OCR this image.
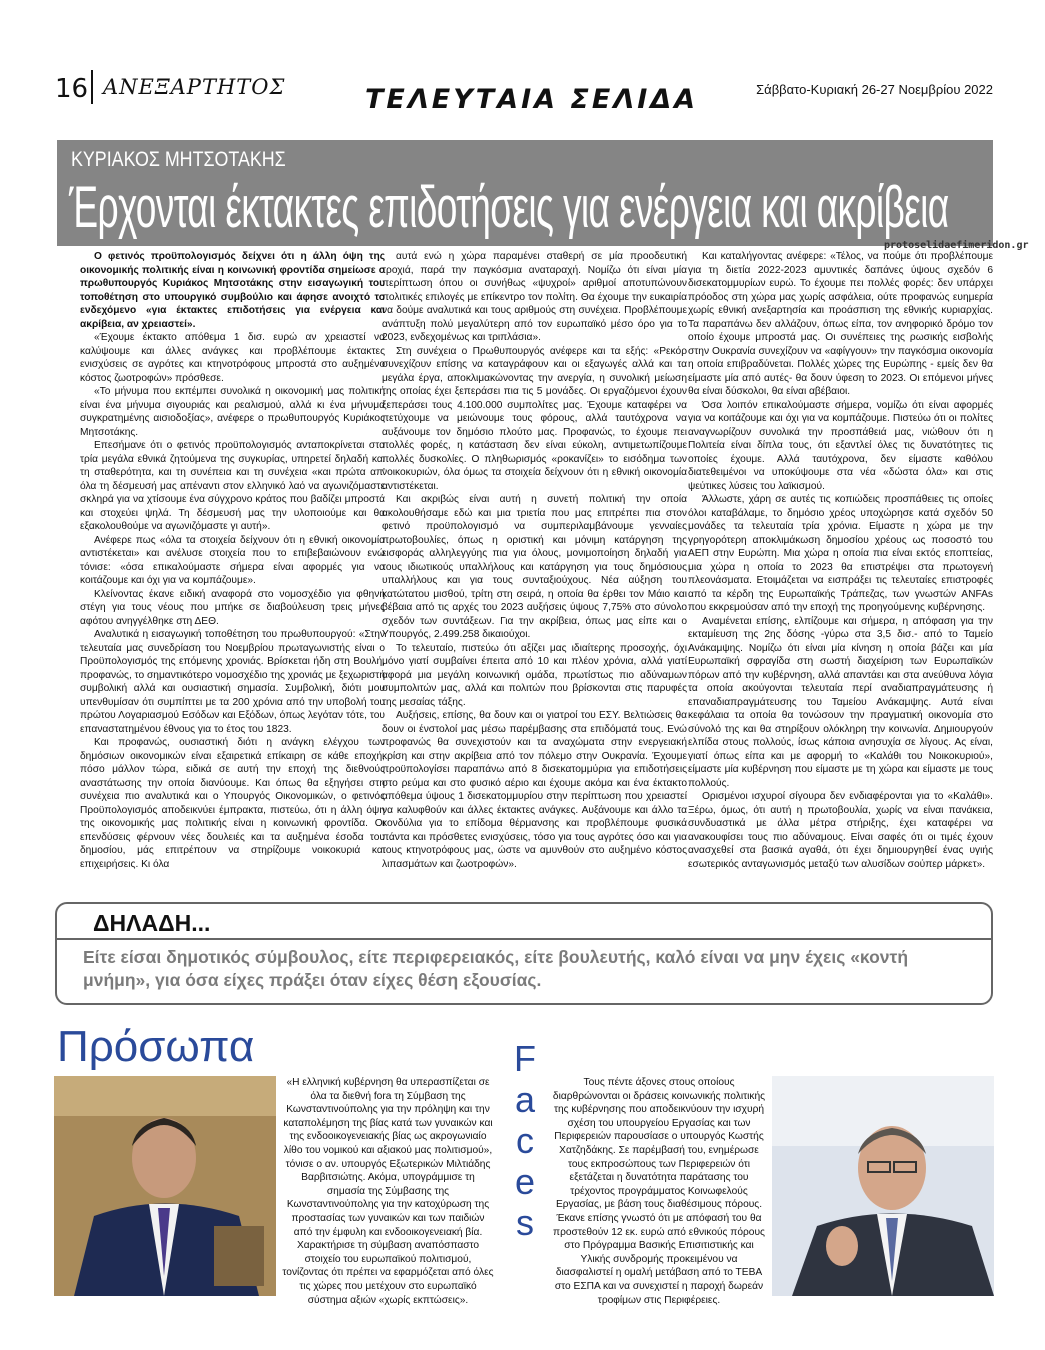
16 ΑΝΕΞΑΡΤΗΤΟΣ	ΤΕΛΕΥΤΑΙΑ ΣΕΛΙΔΑ	Σάββατο-Κυριακή 26-27 Νοεμβρίου 2022
ΚΥΡΙΑΚΟΣ ΜΗΤΣΟΤΑΚΗΣ
Έρχονται έκτακτες επιδοτήσεις για ενέργεια και ακρίβεια
protoselidaefimeridon.gr

Ο φετινός προϋπολογισμός δείχνει ότι η άλλη όψη της οικονομικής πολιτικής είναι η κοινωνική φροντίδα σημείωσε ο πρωθυπουργός Κυριάκος Μητσοτάκης στην εισαγωγική του τοποθέτηση στο υπουργικό συμβούλιο και άφησε ανοιχτό το ενδεχόμενο «για έκτακτες επιδοτήσεις για ενέργεια και ακρίβεια, αν χρειαστεί».

«Έχουμε έκτακτο απόθεμα 1 δισ. ευρώ αν χρειαστεί να καλύψουμε και άλλες ανάγκες και προβλέπουμε έκτακτες ενισχύσεις σε αγρότες και κτηνοτρόφους μπροστά στο αυξημένο κόστος ζωοτροφών» πρόσθεσε.

«Το μήνυμα που εκπέμπει συνολικά η οικονομική μας πολιτική είναι ένα μήνυμα σιγουριάς και ρεαλισμού, αλλά κι ένα μήνυμα συγκρατημένης αισιοδοξίας», ανέφερε ο πρωθυπουργός Κυριάκος Μητσοτάκης.

Επεσήμανε ότι ο φετινός προϋπολογισμός ανταποκρίνεται στα τρία μεγάλα εθνικά ζητούμενα της συγκυρίας, υπηρετεί δηλαδή και τη σταθερότητα, και τη συνέπεια και τη συνέχεια «και πρώτα απ' όλα τη δέσμευσή μας απέναντι στον ελληνικό λαό να αγωνιζόμαστε σκληρά για να χτίσουμε ένα σύγχρονο κράτος που βαδίζει μπροστά και στοχεύει ψηλά. Τη δέσμευσή μας την υλοποιούμε και θα εξακολουθούμε να αγωνιζόμαστε γι αυτή».

Ανέφερε πως «όλα τα στοιχεία δείχνουν ότι η εθνική οικονομία αντιστέκεται» και ανέλυσε στοιχεία που το επιβεβαιώνουν ενώ τόνισε: «όσα επικαλούμαστε σήμερα είναι αφορμές για να κοιτάζουμε και όχι για να κομπάζουμε».

Κλείνοντας έκανε ειδική αναφορά στο νομοσχέδιο για φθηνή στέγη για τους νέους που μπήκε σε διαβούλευση τρεις μήνες αφότου ανηγγέλθηκε στη ΔΕΘ.

Αναλυτικά η εισαγωγική τοποθέτηση του πρωθυπουργού: «Στην τελευταία μας συνεδρίαση του Νοεμβρίου πρωταγωνιστής είναι ο Προϋπολογισμός της επόμενης χρονιάς. Βρίσκεται ήδη στη Βουλή, προφανώς, το σημαντικότερο νομοσχέδιο της χρονιάς με ξεχωριστή συμβολική αλλά και ουσιαστική σημασία. Συμβολική, διότι μου υπενθυμίσαν ότι συμπίπτει με τα 200 χρόνια από την υποβολή του πρώτου Λογαριασμού Εσόδων και Εξόδων, όπως λεγόταν τότε, του επαναστατημένου έθνους για το έτος του 1823.

Και προφανώς, ουσιαστική διότι η ανάγκη ελέγχου των δημόσιων οικονομικών είναι εξαιρετικά επίκαιρη σε κάθε εποχή, πόσο μάλλον τώρα, ειδικά σε αυτή την εποχή της διεθνούς αναστάτωσης την οποία διανύουμε. Και όπως θα εξηγήσει στη συνέχεια πιο αναλυτικά και ο Υπουργός Οικονομικών, ο φετινός Προϋπολογισμός αποδεικνύει έμπρακτα, πιστεύω, ότι η άλλη όψη της οικονομικής μας πολιτικής είναι η κοινωνική φροντίδα. Οι επενδύσεις φέρνουν νέες δουλειές και τα αυξημένα έσοδα του δημοσίου, μάς επιτρέπουν να στηρίζουμε νοικοκυριά και επιχειρήσεις. Κι όλα

αυτά ενώ η χώρα παραμένει σταθερή σε μία προοδευτική τροχιά, παρά την παγκόσμια αναταραχή. Νομίζω ότι είναι μία περίπτωση όπου οι συνήθως «ψυχροί» αριθμοί αποτυπώνουν πολιτικές επιλογές με επίκεντρο τον πολίτη. Θα έχουμε την ευκαιρία να δούμε αναλυτικά και τους αριθμούς στη συνέχεια. Προβλέπουμε ανάπτυξη πολύ μεγαλύτερη από τον ευρωπαϊκό μέσο όρο για το 2023, ενδεχομένως και τριπλάσια».

Στη συνέχεια ο Πρωθυπουργός ανέφερε και τα εξής: «Ρεκόρ συνεχίζουν επίσης να καταγράφουν και οι εξαγωγές αλλά και τα μεγάλα έργα, αποκλιμακώνοντας την ανεργία, η συνολική μείωση της οποίας έχει ξεπεράσει πια τις 5 μονάδες. Οι εργαζόμενοι έχουν ξεπεράσει τους 4.100.000 συμπολίτες μας. Έχουμε καταφέρει να πετύχουμε να μειώνουμε τους φόρους, αλλά ταυτόχρονα να αυξάνουμε τον δημόσιο πλούτο μας. Προφανώς, το έχουμε πει πολλές φορές, η κατάσταση δεν είναι εύκολη, αντιμετωπίζουμε πολλές δυσκολίες. Ο πληθωρισμός «ροκανίζει» το εισόδημα των νοικοκυριών, όλα όμως τα στοιχεία δείχνουν ότι η εθνική οικονομία αντιστέκεται.

Και ακριβώς είναι αυτή η συνετή πολιτική την οποία ακολουθήσαμε εδώ και μια τριετία που μας επιτρέπει πια στον φετινό προϋπολογισμό να συμπεριλαμβάνουμε γενναίες πρωτοβουλίες, όπως η οριστική και μόνιμη κατάργηση της εισφοράς αλληλεγγύης πια για όλους, μονιμοποίηση δηλαδή για τους ιδιωτικούς υπαλλήλους και κατάργηση για τους δημόσιους υπαλλήλους και για τους συνταξιούχους. Νέα αύξηση του κατώτατου μισθού, τρίτη στη σειρά, η οποία θα έρθει τον Μάιο και βέβαια από τις αρχές του 2023 αυξήσεις ύψους 7,75% στο σύνολο σχεδόν των συντάξεων. Για την ακρίβεια, όπως μας είπε και ο Υπουργός, 2.499.258 δικαιούχοι.

Το τελευταίο, πιστεύω ότι αξίζει μας ιδιαίτερης προσοχής, όχι μόνο γιατί συμβαίνει έπειτα από 10 και πλέον χρόνια, αλλά γιατί αφορά μια μεγάλη κοινωνική ομάδα, πρωτίστως πιο αδύναμων συμπολιτών μας, αλλά και πολιτών που βρίσκονται στις παρυφές της μεσαίας τάξης.

Αυξήσεις, επίσης, θα δουν και οι γιατροί του ΕΣΥ. Βελτιώσεις θα δουν οι ένστολοί μας μέσω παρέμβασης στα επιδόματά τους. Ενώ προφανώς θα συνεχιστούν και τα αναχώματα στην ενεργειακή κρίση και στην ακρίβεια από τον πόλεμο στην Ουκρανία. Έχουμε προϋπολογίσει παραπάνω από 8 δισεκατομμύρια για επιδοτήσεις στο ρεύμα και στο φυσικό αέριο και έχουμε ακόμα και ένα έκτακτο απόθεμα ύψους 1 δισεκατομμυρίου στην περίπτωση που χρειαστεί να καλυφθούν και άλλες έκτακτες ανάγκες. Αυξάνουμε και άλλο τα κονδύλια για το επίδομα θέρμανσης και προβλέπουμε φυσικά πάντα και πρόσθετες ενισχύσεις, τόσο για τους αγρότες όσο και για τους κτηνοτρόφους μας, ώστε να αμυνθούν στο αυξημένο κόστος λιπασμάτων και ζωοτροφών».

Και καταλήγοντας ανέφερε: «Τέλος, να πούμε ότι προβλέπουμε για τη διετία 2022-2023 αμυντικές δαπάνες ύψους σχεδόν 6 δισεκατομμυρίων ευρώ. Το έχουμε πει πολλές φορές: δεν υπάρχει πρόοδος στη χώρα μας χωρίς ασφάλεια, ούτε προφανώς ευημερία χωρίς εθνική ανεξαρτησία και προάσπιση της εθνικής κυριαρχίας. Τα παραπάνω δεν αλλάζουν, όπως είπα, τον ανηφορικό δρόμο τον οποίο έχουμε μπροστά μας. Οι συνέπειες της ρωσικής εισβολής στην Ουκρανία συνεχίζουν να «αφίγγουν» την παγκόσμια οικονομία η οποία επιβραδύνεται. Πολλές χώρες της Ευρώπης - εμείς δεν θα είμαστε μία από αυτές- θα δουν ύφεση το 2023. Οι επόμενοι μήνες θα είναι δύσκολοι, θα είναι αβέβαιοι.

Όσα λοιπόν επικαλούμαστε σήμερα, νομίζω ότι είναι αφορμές για να κοιτάζουμε και όχι για να κομπάζουμε. Πιστεύω ότι οι πολίτες αναγνωρίζουν συνολικά την προσπάθειά μας, νιώθουν ότι η Πολιτεία είναι δίπλα τους, ότι εξαντλεί όλες τις δυνατότητες τις οποίες έχουμε. Αλλά ταυτόχρονα, δεν είμαστε καθόλου διατεθειμένοι να υποκύψουμε στα νέα «δώστα όλα» και στις ψεύτικες λύσεις του λαϊκισμού.

Άλλωστε, χάρη σε αυτές τις κοπιώδεις προσπάθειες τις οποίες όλοι καταβάλαμε, το δημόσιο χρέος υποχώρησε κατά σχεδόν 50 μονάδες τα τελευταία τρία χρόνια. Είμαστε η χώρα με την γρηγορότερη αποκλιμάκωση δημοσίου χρέους ως ποσοστό του ΑΕΠ στην Ευρώπη. Μια χώρα η οποία πια είναι εκτός εποπτείας, μια χώρα η οποία το 2023 θα επιστρέψει στα πρωτογενή πλεονάσματα. Ετοιμάζεται να εισπράξει τις τελευταίες επιστροφές από τα κέρδη της Ευρωπαϊκής Τράπεζας, των γνωστών ANFAs που εκκρεμούσαν από την εποχή της προηγούμενης κυβέρνησης.

Αναμένεται επίσης, ελπίζουμε και σήμερα, η απόφαση για την εκταμίευση της 2ης δόσης -γύρω στα 3,5 δισ.- από το Ταμείο Ανάκαμψης. Νομίζω ότι είναι μία κίνηση η οποία βάζει και μία Ευρωπαϊκή σφραγίδα στη σωστή διαχείριση των Ευρωπαϊκών πόρων από την κυβέρνηση, αλλά απαντάει και στα ανεύθυνα λόγια τα οποία ακούγονται τελευταία περί αναδιαπραγμάτευσης ή επαναδιαπραγμάτευσης του Ταμείου Ανάκαμψης. Αυτά είναι κεφάλαια τα οποία θα τονώσουν την πραγματική οικονομία στο σύνολό της και θα στηρίξουν ολόκληρη την κοινωνία. Δημιουργούν ελπίδα στους πολλούς, ίσως κάποια ανησυχία σε λίγους. Ας είναι, γιατί όπως είπα και με αφορμή το «Καλάθι του Νοικοκυριού», είμαστε μία κυβέρνηση που είμαστε με τη χώρα και είμαστε με τους πολλούς.

Ορισμένοι ισχυροί σίγουρα δεν ενδιαφέρονται για το «Καλάθι». Ξέρω, όμως, ότι αυτή η πρωτοβουλία, χωρίς να είναι πανάκεια, συνδυαστικά με άλλα μέτρα στήριξης, έχει καταφέρει να ανακουφίσει τους πιο αδύναμους. Είναι σαφές ότι οι τιμές έχουν ανασχεθεί στα βασικά αγαθά, ότι έχει δημιουργηθεί ένας υγιής εσωτερικός ανταγωνισμός μεταξύ των αλυσίδων σούπερ μάρκετ».

ΔΗΛΑΔΗ...
Είτε είσαι δημοτικός σύμβουλος, είτε περιφερειακός, είτε βουλευτής, καλό είναι να μην έχεις «κοντή μνήμη», για όσα είχες πράξει όταν είχες θέση εξουσίας.
Πρόσωπα
«Η ελληνική κυβέρνηση θα υπερασπίζεται σε όλα τα διεθνή fora τη Σύμβαση της Κωνσταντινούπολης για την πρόληψη και την καταπολέμηση της βίας κατά των γυναικών και της ενδοοικογενειακής βίας ως ακρογωνιαίο λίθο του νομικού και αξιακού μας πολιτισμού», τόνισε ο αν. υπουργός Εξωτερικών Μιλτιάδης Βαρβιτσιώτης. Ακόμα, υπογράμμισε τη σημασία της Σύμβασης της Κωνσταντινούπολης για την κατοχύρωση της προστασίας των γυναικών και των παιδιών από την έμφυλη και ενδοοικογενειακή βία. Χαρακτήρισε τη σύμβαση αναπόσπαστο στοιχείο του ευρωπαϊκού πολιτισμού, τονίζοντας ότι πρέπει να εφαρμόζεται από όλες τις χώρες που μετέχουν στο ευρωπαϊκό σύστημα αξιών «χωρίς εκπτώσεις».
F
a
c
e
s
Τους πέντε άξονες στους οποίους διαρθρώνονται οι δράσεις κοινωνικής πολιτικής της κυβέρνησης που αποδεικνύουν την ισχυρή σχέση του υπουργείου Εργασίας και των Περιφερειών παρουσίασε ο υπουργός Κωστής Χατζηδάκης. Σε παρέμβασή του, ενημέρωσε τους εκπροσώπους των Περιφερειών ότι εξετάζεται η δυνατότητα παράτασης του τρέχοντος προγράμματος Κοινωφελούς Εργασίας, με βάση τους διαθέσιμους πόρους. Έκανε επίσης γνωστό ότι με απόφασή του θα προστεθούν 12 εκ. ευρώ από εθνικούς πόρους στο Πρόγραμμα Βασικής Επισιτιστικής και Υλικής συνδρομής προκειμένου να διασφαλιστεί η ομαλή μετάβαση από το ΤΕΒΑ στο ΕΣΠΑ και να συνεχιστεί η παροχή δωρεάν τροφίμων στις Περιφέρειες.
